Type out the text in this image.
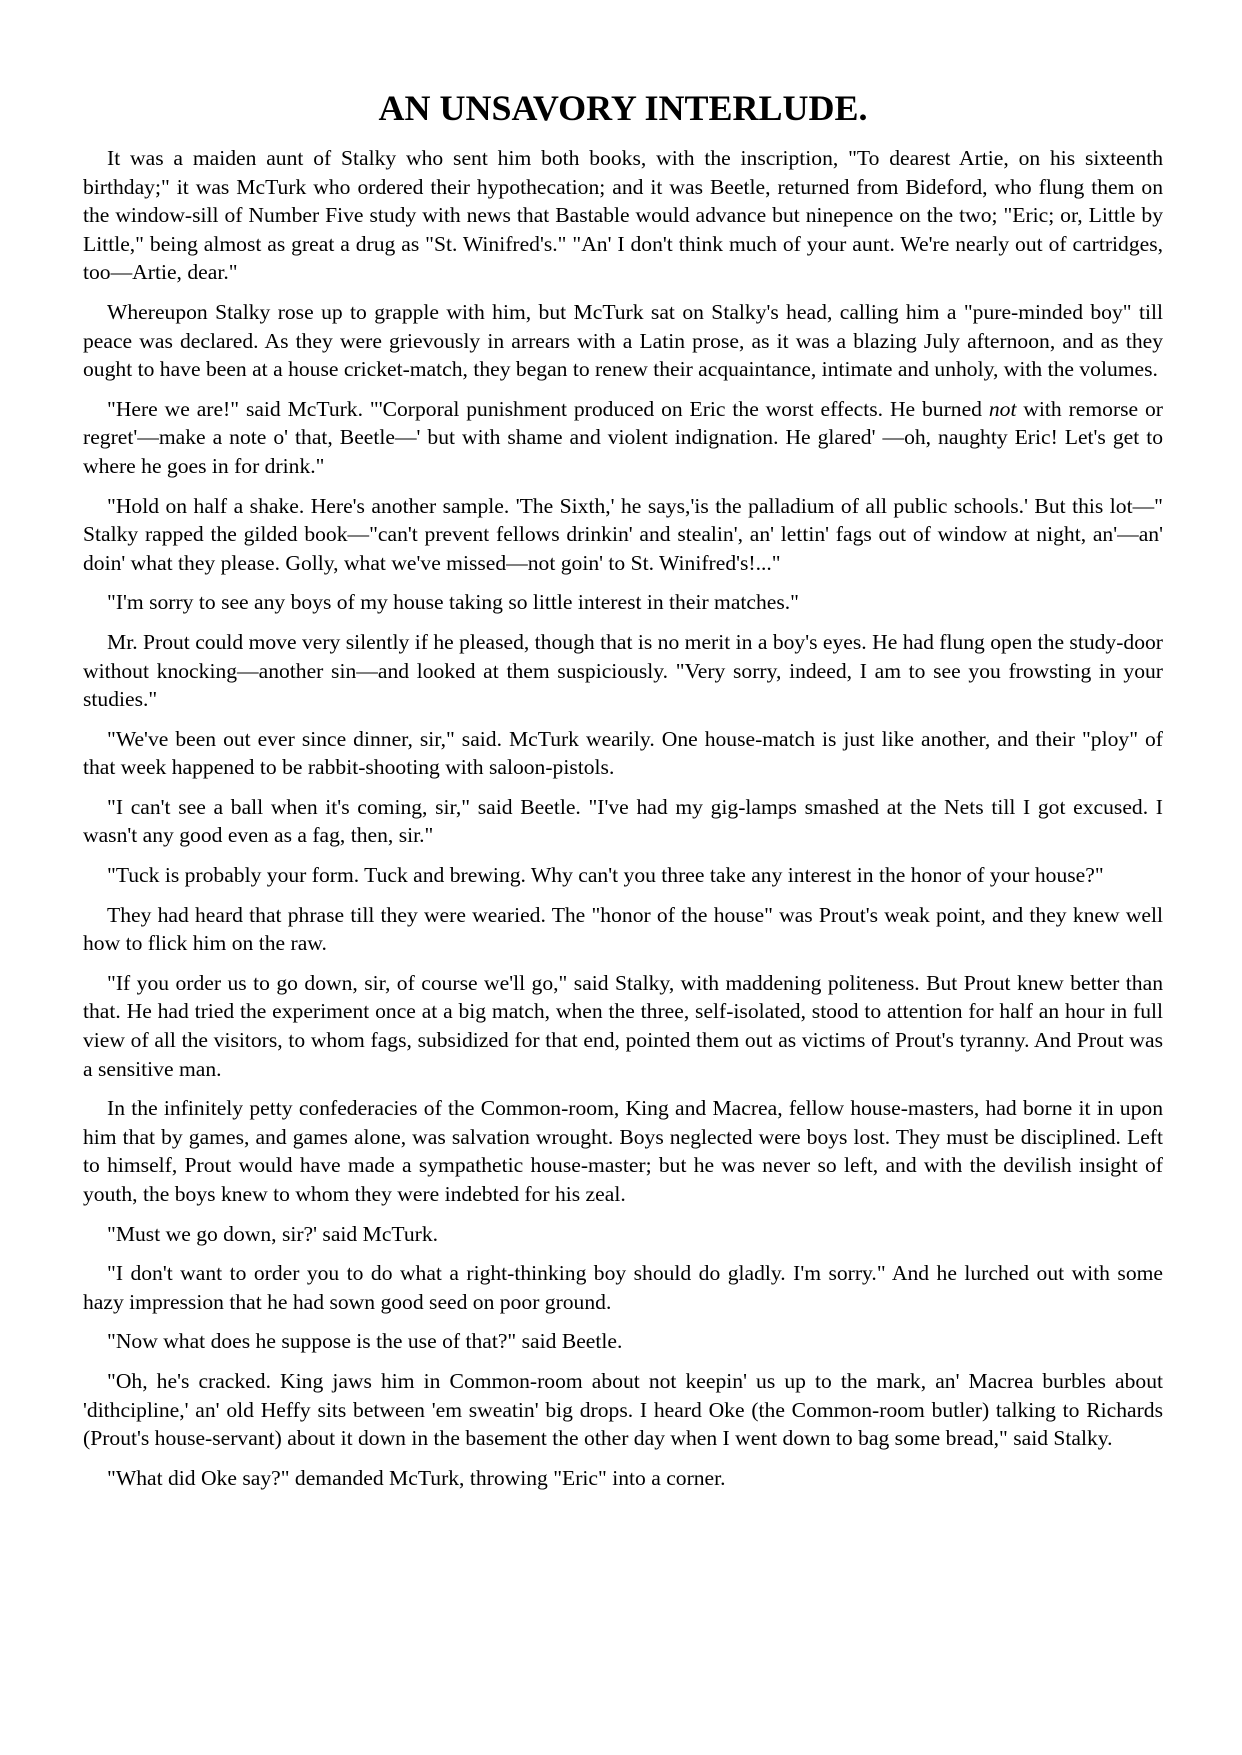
AN UNSAVORY INTERLUDE.

It was a maiden aunt of Stalky who sent him both books, with the inscription, "To dearest Artie, on his sixteenth birthday;" it was McTurk who ordered their hypothecation; and it was Beetle, returned from Bideford, who flung them on the window-sill of Number Five study with news that Bastable would advance but ninepence on the two; "Eric; or, Little by Little," being almost as great a drug as "St. Winifred's." "An' I don't think much of your aunt. We're nearly out of cartridges, too—Artie, dear."

Whereupon Stalky rose up to grapple with him, but McTurk sat on Stalky's head, calling him a "pure-minded boy" till peace was declared. As they were grievously in arrears with a Latin prose, as it was a blazing July afternoon, and as they ought to have been at a house cricket-match, they began to renew their acquaintance, intimate and unholy, with the volumes.

"Here we are!" said McTurk. "'Corporal punishment produced on Eric the worst effects. He burned not with remorse or regret'—make a note o' that, Beetle—' but with shame and violent indignation. He glared' —oh, naughty Eric! Let's get to where he goes in for drink."

"Hold on half a shake. Here's another sample. 'The Sixth,' he says,'is the palladium of all public schools.' But this lot—" Stalky rapped the gilded book—"can't prevent fellows drinkin' and stealin', an' lettin' fags out of window at night, an'—an' doin' what they please. Golly, what we've missed—not goin' to St. Winifred's!..."

"I'm sorry to see any boys of my house taking so little interest in their matches."

Mr. Prout could move very silently if he pleased, though that is no merit in a boy's eyes. He had flung open the study-door without knocking—another sin—and looked at them suspiciously. "Very sorry, indeed, I am to see you frowsting in your studies."

"We've been out ever since dinner, sir," said. McTurk wearily. One house-match is just like another, and their "ploy" of that week happened to be rabbit-shooting with saloon-pistols.

"I can't see a ball when it's coming, sir," said Beetle. "I've had my gig-lamps smashed at the Nets till I got excused. I wasn't any good even as a fag, then, sir."

"Tuck is probably your form. Tuck and brewing. Why can't you three take any interest in the honor of your house?"

They had heard that phrase till they were wearied. The "honor of the house" was Prout's weak point, and they knew well how to flick him on the raw.

"If you order us to go down, sir, of course we'll go," said Stalky, with maddening politeness. But Prout knew better than that. He had tried the experiment once at a big match, when the three, self-isolated, stood to attention for half an hour in full view of all the visitors, to whom fags, subsidized for that end, pointed them out as victims of Prout's tyranny. And Prout was a sensitive man.

In the infinitely petty confederacies of the Common-room, King and Macrea, fellow house-masters, had borne it in upon him that by games, and games alone, was salvation wrought. Boys neglected were boys lost. They must be disciplined. Left to himself, Prout would have made a sympathetic house-master; but he was never so left, and with the devilish insight of youth, the boys knew to whom they were indebted for his zeal.

"Must we go down, sir?' said McTurk.

"I don't want to order you to do what a right-thinking boy should do gladly. I'm sorry." And he lurched out with some hazy impression that he had sown good seed on poor ground.

"Now what does he suppose is the use of that?" said Beetle.

"Oh, he's cracked. King jaws him in Common-room about not keepin' us up to the mark, an' Macrea burbles about 'dithcipline,' an' old Heffy sits between 'em sweatin' big drops. I heard Oke (the Common-room butler) talking to Richards (Prout's house-servant) about it down in the basement the other day when I went down to bag some bread," said Stalky.

"What did Oke say?" demanded McTurk, throwing "Eric" into a corner.
